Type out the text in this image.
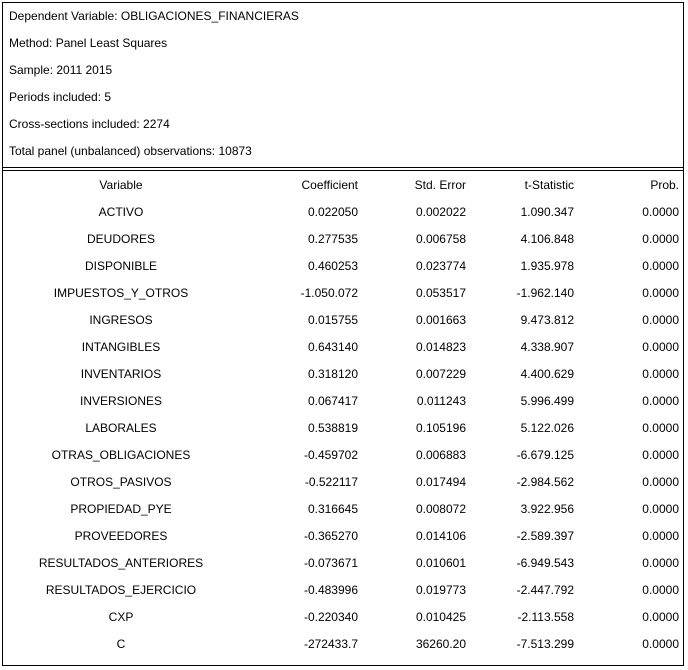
Dependent Variable: OBLIGACIONES_FINANCIERAS
Method: Panel Least Squares
Sample: 2011 2015
Periods included: 5
Cross-sections included: 2274
Total panel (unbalanced) observations: 10873
Variable	Coefficient	Std. Error	t-Statistic	Prob.
ACTIVO	0.022050	0.002022	1.090.347	0.0000
DEUDORES	0.277535	0.006758	4.106.848	0.0000
DISPONIBLE	0.460253	0.023774	1.935.978	0.0000
IMPUESTOS_Y_OTROS	-1.050.072	0.053517	-1.962.140	0.0000
INGRESOS	0.015755	0.001663	9.473.812	0.0000
INTANGIBLES	0.643140	0.014823	4.338.907	0.0000
INVENTARIOS	0.318120	0.007229	4.400.629	0.0000
INVERSIONES	0.067417	0.011243	5.996.499	0.0000
LABORALES	0.538819	0.105196	5.122.026	0.0000
OTRAS_OBLIGACIONES	-0.459702	0.006883	-6.679.125	0.0000
OTROS_PASIVOS	-0.522117	0.017494	-2.984.562	0.0000
PROPIEDAD_PYE	0.316645	0.008072	3.922.956	0.0000
PROVEEDORES	-0.365270	0.014106	-2.589.397	0.0000
RESULTADOS_ANTERIORES	-0.073671	0.010601	-6.949.543	0.0000
RESULTADOS_EJERCICIO	-0.483996	0.019773	-2.447.792	0.0000
CXP	-0.220340	0.010425	-2.113.558	0.0000
C	-272433.7	36260.20	-7.513.299	0.0000
